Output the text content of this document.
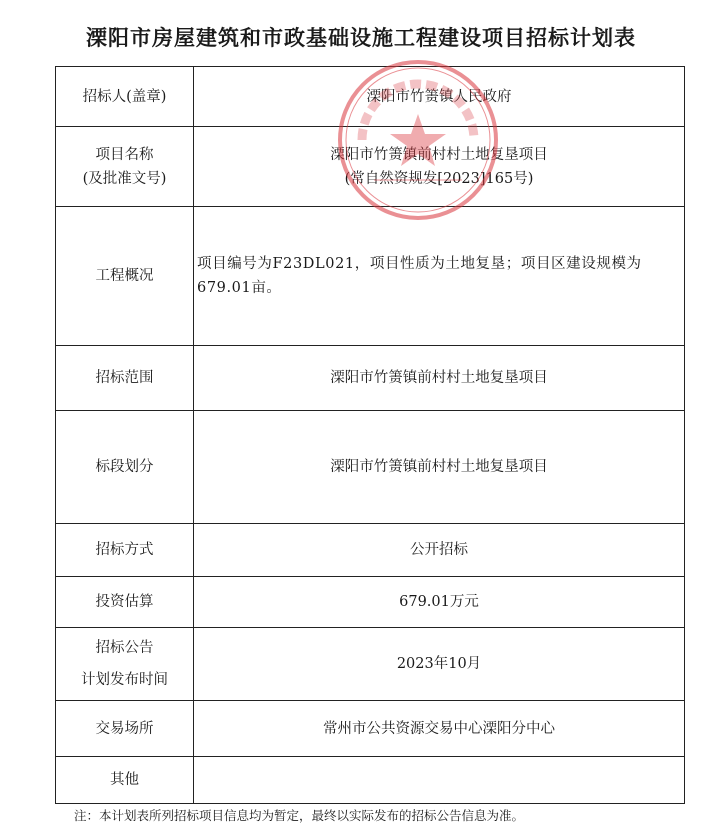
溧阳市房屋建筑和市政基础设施工程建设项目招标计划表
招标人(盖章)	溧阳市竹箦镇人民政府

项目名称
(及批准文号)	溧阳市竹箦镇前村村土地复垦项目
(常自然资规发[2023]165号)

工程概况	项目编号为F23DL021，项目性质为土地复垦；项目区建设规模为679.01亩。
招标范围	溧阳市竹箦镇前村村土地复垦项目
标段划分	溧阳市竹箦镇前村村土地复垦项目
招标方式	公开招标
投资估算	679.01万元

招标公告
计划发布时间	2023年10月
交易场所	常州市公共资源交易中心溧阳分中心
其他	
注：本计划表所列招标项目信息均为暂定，最终以实际发布的招标公告信息为准。
